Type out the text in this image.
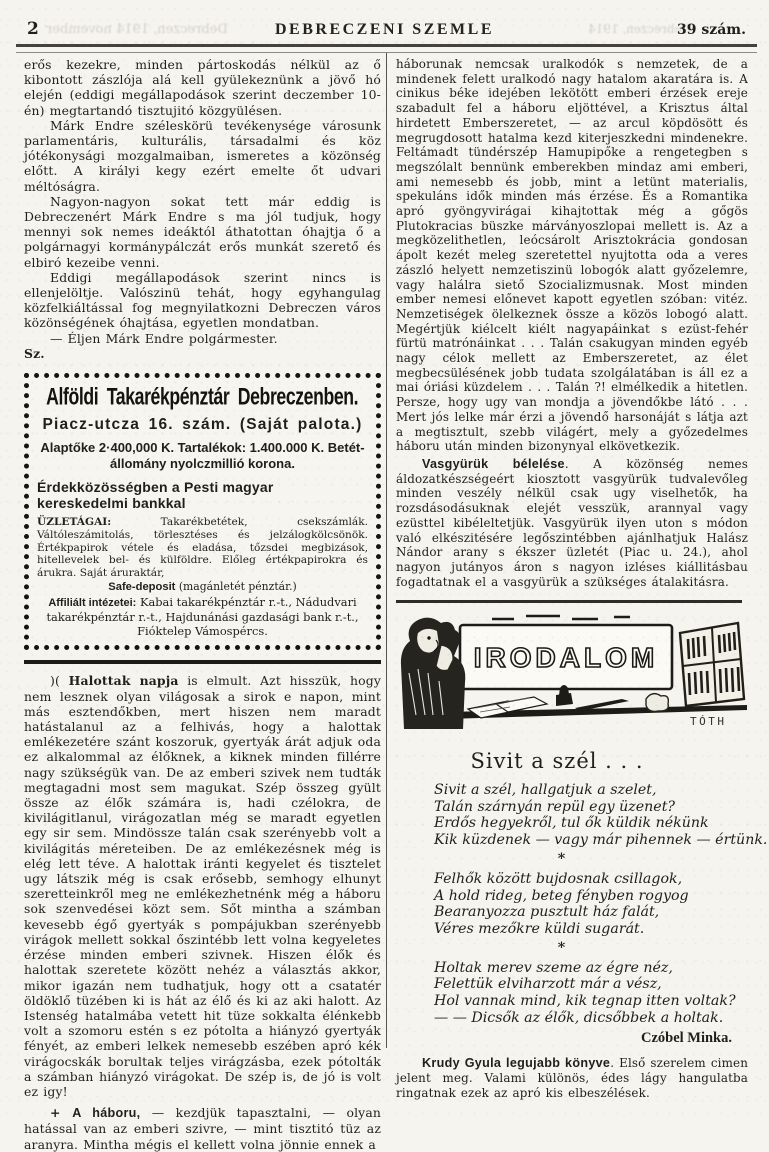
2 Debreczen, 1914 november	DEBRECZENI SZEMLE	Debreczen, 1914
39 szám.

erős kezekre, minden pártoskodás nélkül az ő kibontott zászlója alá kell gyülekeznünk a jövő hó elején (eddigi megállapodások szerint deczember 10-én) megtartandó tisztujitó közgyülésen.

Márk Endre széleskörü tevékenysége városunk parlamentáris, kulturális, társadalmi és köz jótékonysági mozgalmaiban, ismeretes a közönség előtt. A királyi kegy ezért emelte őt udvari méltóságra.

Nagyon-nagyon sokat tett már eddig is Debreczenért Márk Endre s ma jól tudjuk, hogy mennyi sok nemes ideáktól áthatottan óhajtja ő a polgárnagyi kormánypálczát erős munkát szerető és elbiró kezeibe venni.

Eddigi megállapodások szerint nincs is ellenjelöltje. Valószinü tehát, hogy egyhangulag közfelkiáltással fog megnyilatkozni Debreczen város közönségének óhajtása, egyetlen mondatban.

— Éljen Márk Endre polgármester.

Sz.

Alföldi Takarékpénztár Debreczenben.
Piacz-utcza 16. szám. (Saját palota.)
Alaptőke 2·400,000 K. Tartalékok: 1.400.000 K. Betétállomány nyolczmillió korona.
Érdekközösségben a Pesti magyar kereskedelmi bankkal

ÜZLETÁGAI: Takarékbetétek, csekszámlák. Váltóleszámitolás, törlesztéses és jelzálogkölcsönök. Értékpapirok vétele és eladása, tőzsdei megbizások, hitellevelek bel- és külföldre. Előleg értékpapirokra és árukra. Saját áruraktár,

Safe-deposit (magánletét pénztár.)

Affiliált intézetei: Kabai takarékpénztár r.-t., Nádudvari takarékpénztár r.-t., Hajdunánási gazdasági bank r.-t., Fióktelep Vámospércs.

)( Halottak napja is elmult. Azt hisszük, hogy nem lesznek olyan világosak a sirok e napon, mint más esztendőkben, mert hiszen nem maradt hatástalanul az a felhivás, hogy a halottak emlékezetére szánt koszoruk, gyertyák árát adjuk oda ez alkalommal az élőknek, a kiknek minden fillérre nagy szükségük van. De az emberi szivek nem tudták megtagadni most sem magukat. Szép összeg gyült össze az élők számára is, hadi czélokra, de kivilágitlanul, virágozatlan még se maradt egyetlen egy sir sem. Mindössze talán csak szerényebb volt a kivilágitás méreteiben. De az emlékezésnek még is elég lett téve. A halottak iránti kegyelet és tisztelet ugy látszik még is csak erősebb, semhogy elhunyt szeretteinkről meg ne emlékezhetnénk még a háboru sok szenvedései közt sem. Sőt mintha a számban kevesebb égő gyertyák s pompájukban szerényebb virágok mellett sokkal őszintébb lett volna kegyeletes érzése minden emberi szivnek. Hiszen élők és halottak szeretete között nehéz a választás akkor, mikor igazán nem tudhatjuk, hogy ott a csatatér öldöklő tüzében ki is hát az élő és ki az aki halott. Az Istenség hatalmába vetett hit tüze sokkalta élénkebb volt a szomoru estén s ez pótolta a hiányzó gyertyák fényét, az emberi lelkek nemesebb eszében apró kék virágocskák borultak teljes virágzásba, ezek pótolták a számban hiányzó virágokat. De szép is, de jó is volt ez igy!

+ A háboru, — kezdjük tapasztalni, — olyan hatással van az emberi szivre, — mint tisztitó tüz az aranyra. Mintha mégis el kellett volna jönnie ennek a

háborunak nemcsak uralkodók s nemzetek, de a mindenek felett uralkodó nagy hatalom akaratára is. A cinikus béke idejében lekötött emberi érzések ereje szabadult fel a háboru eljöttével, a Krisztus által hirdetett Emberszeretet, — az arcul köpdösött és megrugdosott hatalma kezd kiterjeszkedni mindenekre. Feltámadt tündérszép Hamupipőke a rengetegben s megszólalt bennünk emberekben mindaz ami emberi, ami nemesebb és jobb, mint a letünt materialis, spekuláns idők minden más érzése. És a Romantika apró gyöngyvirágai kihajtottak még a gőgös Plutokracias büszke márványoszlopai mellett is. Az a megközelithetlen, leócsárolt Arisztokrácia gondosan ápolt kezét meleg szeretettel nyujtotta oda a veres zászló helyett nemzetiszinü lobogók alatt győzelemre, vagy halálra siető Szocializmusnak. Most minden ember nemesi előnevet kapott egyetlen szóban: vitéz. Nemzetiségek ölelkeznek össze a közös lobogó alatt. Megértjük kiélcelt kiélt nagyapáinkat s ezüst-fehér fürtü matrónáinkat . . . Talán csakugyan minden egyéb nagy célok mellett az Emberszeretet, az élet megbecsülésének jobb tudata szolgálatában is áll ez a mai óriási küzdelem . . . Talán ?! elmélkedik a hitetlen. Persze, hogy ugy van mondja a jövendőkbe látó . . . Mert jós lelke már érzi a jövendő harsonáját s látja azt a megtisztult, szebb világért, mely a győzedelmes háboru után minden bizonynyal elkövetkezik.

Vasgyürük bélelése. A közönség nemes áldozatkészségeért kiosztott vasgyürük tudvalevőleg minden veszély nélkül csak ugy viselhetők, ha rozsdásodásuknak elejét vesszük, arannyal vagy ezüsttel kibéleltetjük. Vasgyürük ilyen uton s módon való elkészitésére legőszintébben ajánlhatjuk Halász Nándor arany s ékszer üzletét (Piac u. 24.), ahol nagyon jutányos áron s nagyon izléses kiállitásbau fogadtatnak el a vasgyürük a szükséges átalakitásra.

IRODALOM
TÓTH
Sivit a szél . . .
Sivit a szél, hallgatjuk a szelet,
Talán szárnyán repül egy üzenet?
Erdős hegyekről, tul ők küldik nékünk
Kik küzdenek — vagy már pihennek — értünk.
*
Felhők között bujdosnak csillagok,
A hold rideg, beteg fényben rogyog
Bearanyozza pusztult ház falát,
Véres mezőkre küldi sugarát.
*
Holtak merev szeme az égre néz,
Felettük elviharzott már a vész,
Hol vannak mind, kik tegnap itten voltak?
— — Dicsők az élők, dicsőbbek a holtak.
Czóbel Minka.

Krudy Gyula legujabb könyve. Első szerelem cimen jelent meg. Valami különös, édes lágy hangulatba ringatnak ezek az apró kis elbeszélések.
